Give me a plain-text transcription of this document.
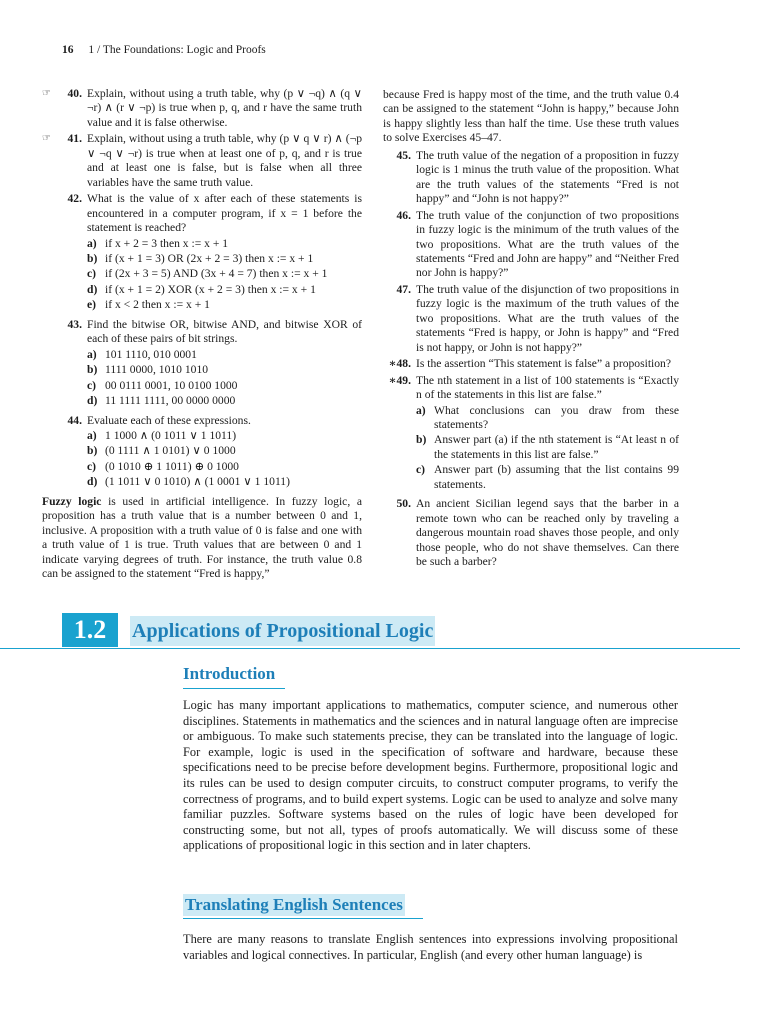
16 1 / The Foundations: Logic and Proofs
☞	40. Explain, without using a truth table, why (p ∨ ¬q) ∧ (q ∨ ¬r) ∧ (r ∨ ¬p) is true when p, q, and r have the same truth value and it is false otherwise.
☞	41. Explain, without using a truth table, why (p ∨ q ∨ r) ∧ (¬p ∨ ¬q ∨ ¬r) is true when at least one of p, q, and r is true and at least one is false, but is false when all three variables have the same truth value.
42. What is the value of x after each of these statements is encountered in a computer program, if x = 1 before the statement is reached?
a) if x + 2 = 3 then x := x + 1
b) if (x + 1 = 3) OR (2x + 2 = 3) then x := x + 1
c) if (2x + 3 = 5) AND (3x + 4 = 7) then x := x + 1
d) if (x + 1 = 2) XOR (x + 2 = 3) then x := x + 1
e) if x < 2 then x := x + 1
43. Find the bitwise OR, bitwise AND, and bitwise XOR of each of these pairs of bit strings.
a) 101 1110, 010 0001
b) 1111 0000, 1010 1010
c) 00 0111 0001, 10 0100 1000
d) 11 1111 1111, 00 0000 0000
44. Evaluate each of these expressions.
a) 1 1000 ∧ (0 1011 ∨ 1 1011)
b) (0 1111 ∧ 1 0101) ∨ 0 1000
c) (0 1010 ⊕ 1 1011) ⊕ 0 1000
d) (1 1011 ∨ 0 1010) ∧ (1 0001 ∨ 1 1011)
Fuzzy logic is used in artificial intelligence. In fuzzy logic, a proposition has a truth value that is a number between 0 and 1, inclusive. A proposition with a truth value of 0 is false and one with a truth value of 1 is true. Truth values that are between 0 and 1 indicate varying degrees of truth. For instance, the truth value 0.8 can be assigned to the statement “Fred is happy,”
because Fred is happy most of the time, and the truth value 0.4 can be assigned to the statement “John is happy,” because John is happy slightly less than half the time. Use these truth values to solve Exercises 45–47.
45. The truth value of the negation of a proposition in fuzzy logic is 1 minus the truth value of the proposition. What are the truth values of the statements “Fred is not happy” and “John is not happy?”
46. The truth value of the conjunction of two propositions in fuzzy logic is the minimum of the truth values of the two propositions. What are the truth values of the statements “Fred and John are happy” and “Neither Fred nor John is happy?”
47. The truth value of the disjunction of two propositions in fuzzy logic is the maximum of the truth values of the two propositions. What are the truth values of the statements “Fred is happy, or John is happy” and “Fred is not happy, or John is not happy?”
∗48. Is the assertion “This statement is false” a proposition?
∗49. The nth statement in a list of 100 statements is “Exactly n of the statements in this list are false.”
a) What conclusions can you draw from these statements?
b) Answer part (a) if the nth statement is “At least n of the statements in this list are false.”
c) Answer part (b) assuming that the list contains 99 statements.
50. An ancient Sicilian legend says that the barber in a remote town who can be reached only by traveling a dangerous mountain road shaves those people, and only those people, who do not shave themselves. Can there be such a barber?
1.2	Applications of Propositional Logic
Introduction
Logic has many important applications to mathematics, computer science, and numerous other disciplines. Statements in mathematics and the sciences and in natural language often are imprecise or ambiguous. To make such statements precise, they can be translated into the language of logic. For example, logic is used in the specification of software and hardware, because these specifications need to be precise before development begins. Furthermore, propositional logic and its rules can be used to design computer circuits, to construct computer programs, to verify the correctness of programs, and to build expert systems. Logic can be used to analyze and solve many familiar puzzles. Software systems based on the rules of logic have been developed for constructing some, but not all, types of proofs automatically. We will discuss some of these applications of propositional logic in this section and in later chapters.
Translating English Sentences
There are many reasons to translate English sentences into expressions involving propositional variables and logical connectives. In particular, English (and every other human language) is
